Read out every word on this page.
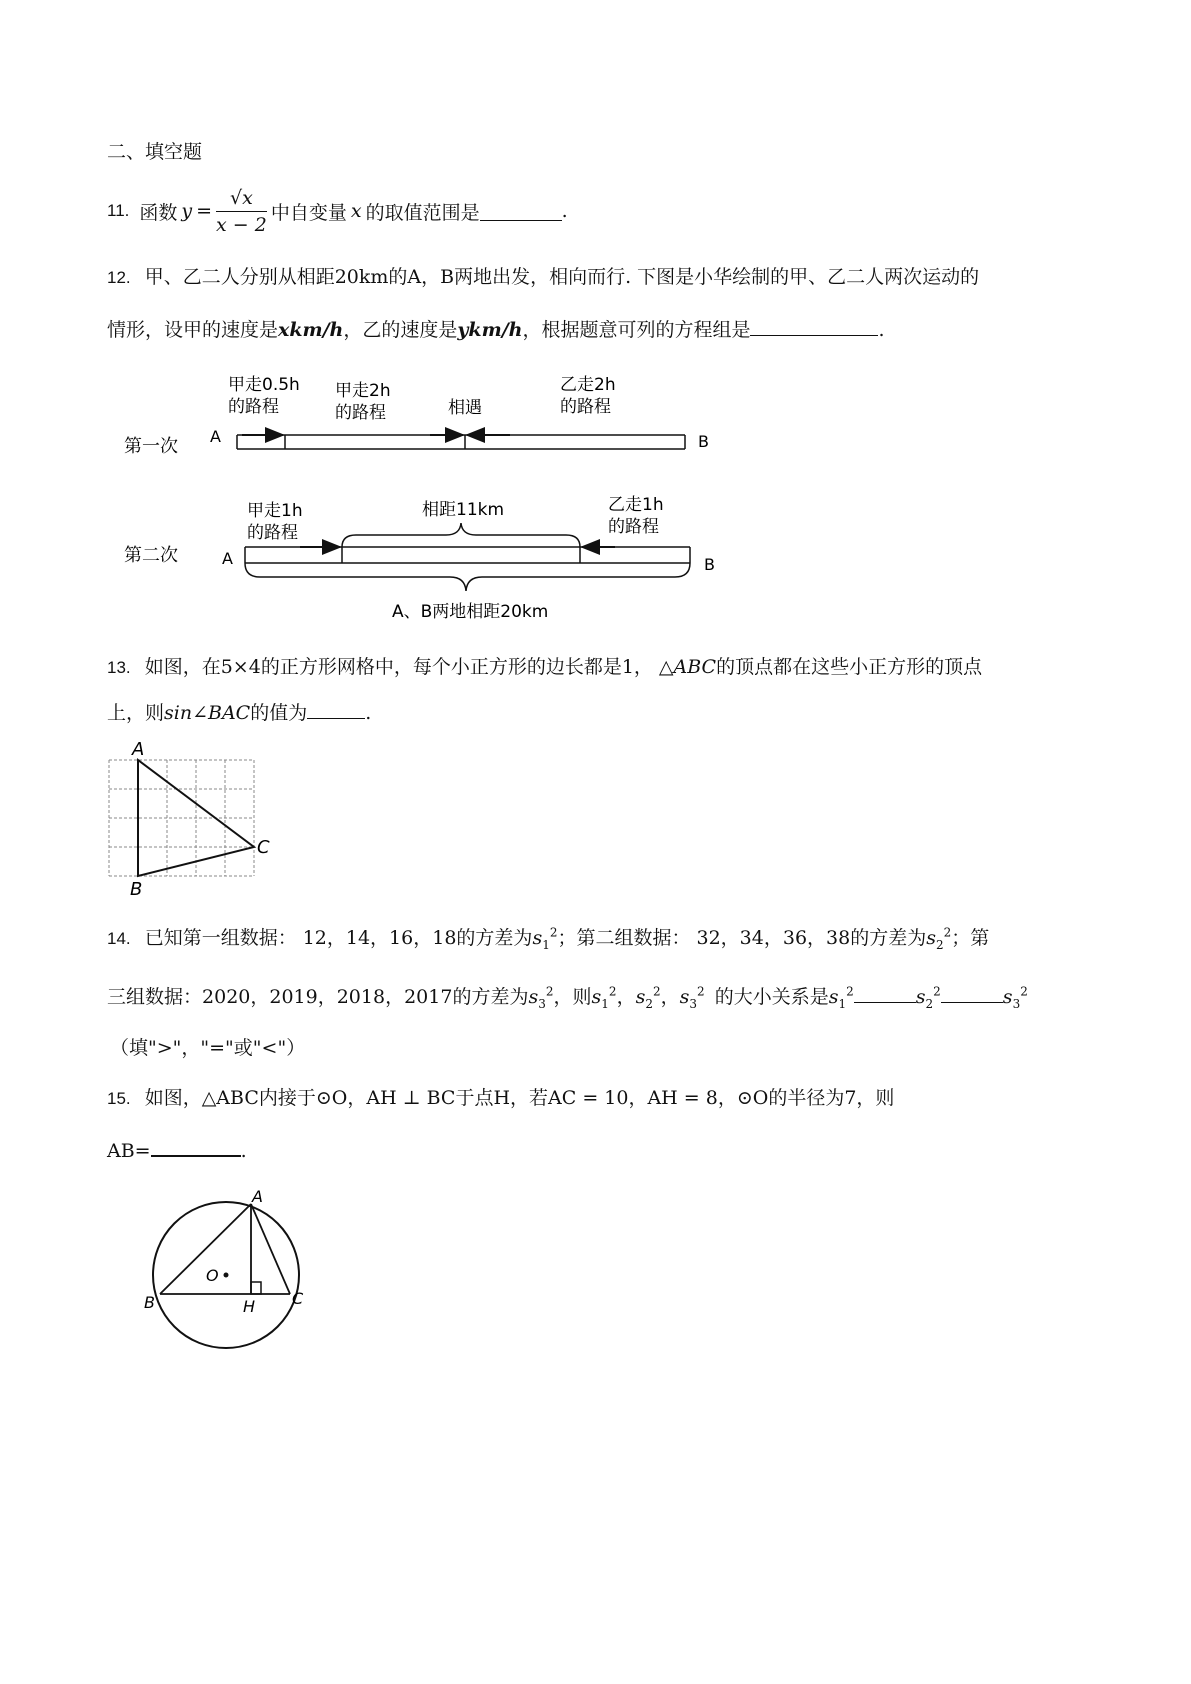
二、填空题
11. 函数 $y = \frac{√x}{x - 2}$ 中自变量 x 的取值范围是	.
12. 甲、乙二人分别从相距20km的A，B两地出发，相向而行. 下图是小华绘制的甲、乙二人两次运动的
情形，设甲的速度是xkm/h，乙的速度是ykm/h，根据题意可列的方程组是	.
第一次 A	B
甲走0.5h
的路程
甲走2h
的路程	相遇
乙走2h
的路程
第二次	A	B
相距11km
甲走1h
的路程
乙走1h
的路程
A、B两地相距20km
13. 如图，在5×4的正方形网格中，每个小正方形的边长都是1， △ABC的顶点都在这些小正方形的顶点
上，则sin∠BAC的值为	.
A
B
C
14. 已知第一组数据： 12，14，16，18的方差为$s_1^2$；第二组数据： 32，34，36，38的方差为$s_2^2$；第
三组数据：2020，2019，2018，2017的方差为$s_3^2$，则$s_1^2$，$s_2^2$，$s_3^2$ 的大小关系是$s_1^2$	$s_2^2$	$s_3^2$
（填">"，"="或"<"）
15. 如图，△ABC内接于⊙O，AH ⊥ BC于点H，若AC = 10，AH = 8，⊙O的半径为7，则
AB=	.
A
B	C
H
O
